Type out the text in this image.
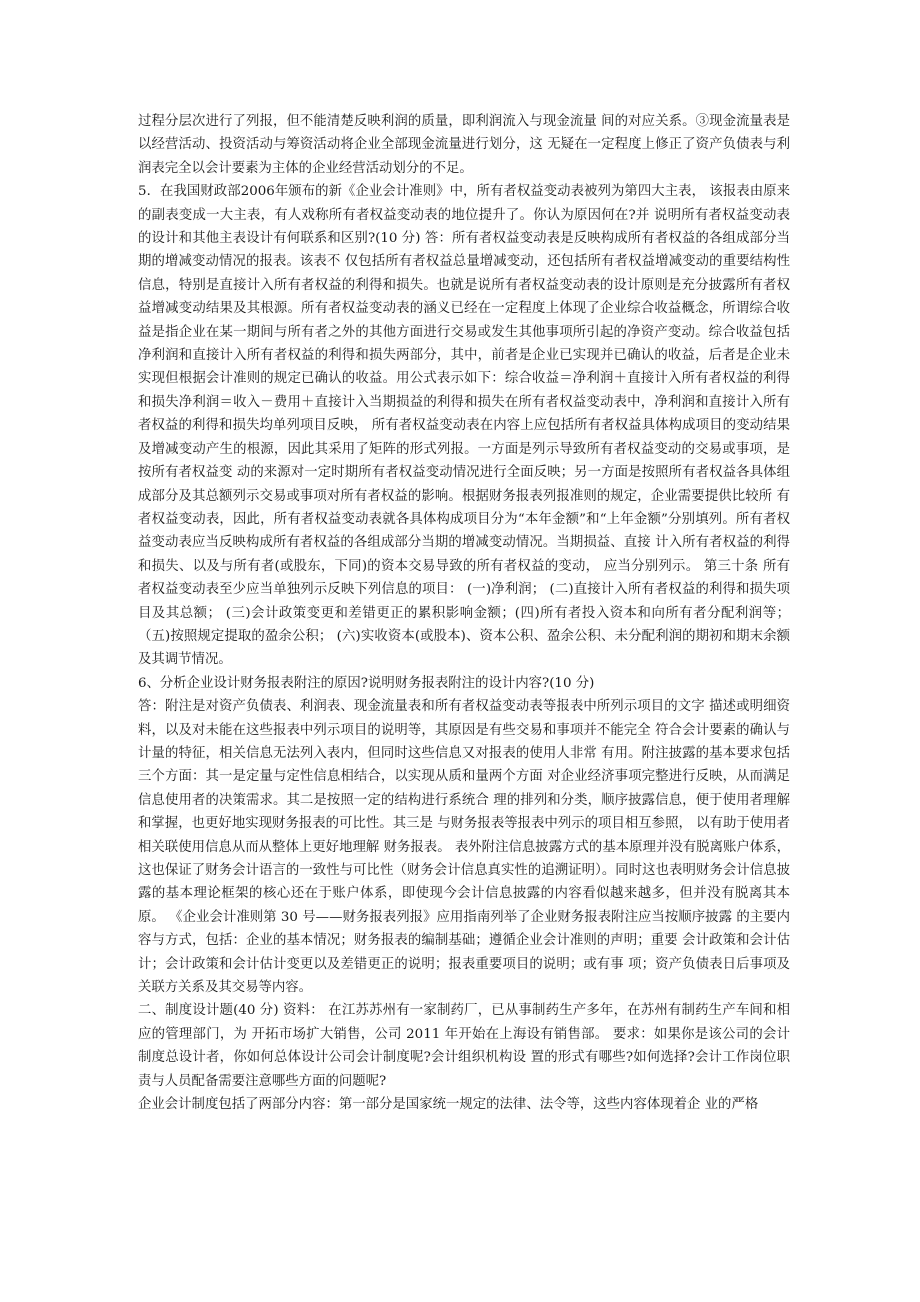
过程分层次进行了列报，但不能清楚反映利润的质量，即利润流入与现金流量 间的对应关系。③现金流量表是以经营活动、投资活动与筹资活动将企业全部现金流量进行划分，这 无疑在一定程度上修正了资产负债表与利润表完全以会计要素为主体的企业经营活动划分的不足。

5．在我国财政部2006年颁布的新《企业会计准则》中，所有者权益变动表被列为第四大主表， 该报表由原来的副表变成一大主表，有人戏称所有者权益变动表的地位提升了。你认为原因何在?并 说明所有者权益变动表的设计和其他主表设计有何联系和区别?(10 分) 答：所有者权益变动表是反映构成所有者权益的各组成部分当期的增减变动情况的报表。该表不 仅包括所有者权益总量增减变动，还包括所有者权益增减变动的重要结构性信息，特别是直接计入所有者权益的利得和损失。也就是说所有者权益变动表的设计原则是充分披露所有者权益增减变动结果及其根源。所有者权益变动表的涵义已经在一定程度上体现了企业综合收益概念，所谓综合收益是指企业在某一期间与所有者之外的其他方面进行交易或发生其他事项所引起的净资产变动。综合收益包括净利润和直接计入所有者权益的利得和损失两部分，其中，前者是企业已实现并已确认的收益，后者是企业未实现但根据会计准则的规定已确认的收益。用公式表示如下：综合收益＝净利润＋直接计入所有者权益的利得和损失净利润＝收入－费用＋直接计入当期损益的利得和损失在所有者权益变动表中，净利润和直接计入所有者权益的利得和损失均单列项目反映， 所有者权益变动表在内容上应包括所有者权益具体构成项目的变动结果及增减变动产生的根源，因此其采用了矩阵的形式列报。一方面是列示导致所有者权益变动的交易或事项，是按所有者权益变 动的来源对一定时期所有者权益变动情况进行全面反映；另一方面是按照所有者权益各具体组成部分及其总额列示交易或事项对所有者权益的影响。根据财务报表列报准则的规定，企业需要提供比较所 有者权益变动表，因此，所有者权益变动表就各具体构成项目分为“本年金额”和“上年金额”分别填列。所有者权益变动表应当反映构成所有者权益的各组成部分当期的增减变动情况。当期损益、直接 计入所有者权益的利得和损失、以及与所有者(或股东，下同)的资本交易导致的所有者权益的变动， 应当分别列示。 第三十条 所有者权益变动表至少应当单独列示反映下列信息的项目： (一)净利润； (二)直接计入所有者权益的利得和损失项目及其总额； (三)会计政策变更和差错更正的累积影响金额；(四)所有者投入资本和向所有者分配利润等；（五)按照规定提取的盈余公积； (六)实收资本(或股本)、资本公积、盈余公积、未分配利润的期初和期末余额及其调节情况。

6、分析企业设计财务报表附注的原因?说明财务报表附注的设计内容?(10 分)

答：附注是对资产负债表、利润表、现金流量表和所有者权益变动表等报表中所列示项目的文字 描述或明细资料，以及对未能在这些报表中列示项目的说明等，其原因是有些交易和事项并不能完全 符合会计要素的确认与计量的特征，相关信息无法列入表内，但同时这些信息又对报表的使用人非常 有用。附注披露的基本要求包括三个方面：其一是定量与定性信息相结合，以实现从质和量两个方面 对企业经济事项完整进行反映，从而满足信息使用者的决策需求。其二是按照一定的结构进行系统合 理的排列和分类，顺序披露信息，便于使用者理解和掌握，也更好地实现财务报表的可比性。其三是 与财务报表等报表中列示的项目相互参照， 以有助于使用者相关联使用信息从而从整体上更好地理解 财务报表。 表外附注信息披露方式的基本原理并没有脱离账户体系，这也保证了财务会计语言的一致性与可比性（财务会计信息真实性的追溯证明）。同时这也表明财务会计信息披露的基本理论框架的核心还在于账户体系，即使现今会计信息披露的内容看似越来越多，但并没有脱离其本原。 《企业会计准则第 30 号——财务报表列报》应用指南列举了企业财务报表附注应当按顺序披露 的主要内容与方式，包括：企业的基本情况；财务报表的编制基础；遵循企业会计准则的声明；重要 会计政策和会计估计；会计政策和会计估计变更以及差错更正的说明；报表重要项目的说明；或有事 项；资产负债表日后事项及关联方关系及其交易等内容。

二、制度设计题(40 分) 资料： 在江苏苏州有一家制药厂，已从事制药生产多年，在苏州有制药生产车间和相应的管理部门，为 开拓市场扩大销售，公司 2011 年开始在上海设有销售部。 要求：如果你是该公司的会计制度总设计者，你如何总体设计公司会计制度呢?会计组织机构设 置的形式有哪些?如何选择?会计工作岗位职责与人员配备需要注意哪些方面的问题呢?

企业会计制度包括了两部分内容：第一部分是国家统一规定的法律、法令等，这些内容体现着企 业的严格
